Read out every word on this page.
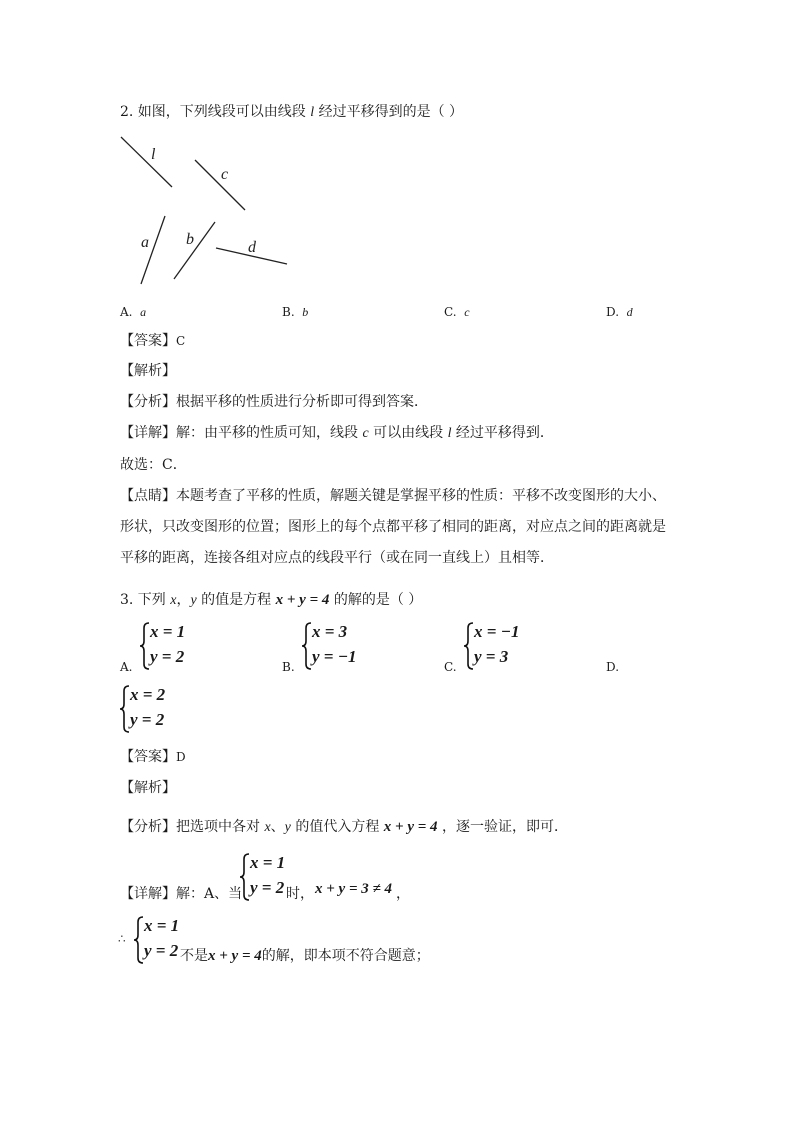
2. 如图，下列线段可以由线段 l 经过平移得到的是（ ）
l
c
a b	d
A. a	B. b	C. c	D. d
【答案】C
【解析】
【分析】根据平移的性质进行分析即可得到答案．
【详解】解：由平移的性质可知，线段 c 可以由线段 l 经过平移得到．
故选：C．
【点睛】本题考查了平移的性质，解题关键是掌握平移的性质：平移不改变图形的大小、
形状，只改变图形的位置；图形上的每个点都平移了相同的距离，对应点之间的距离就是
平移的距离，连接各组对应点的线段平行（或在同一直线上）且相等．
3. 下列 x，y 的值是方程 x + y = 4 的解的是（ ）
A.
x = 1
y = 2
B.
x = 3
y = −1
C.
x = −1
y = 3
D.
x = 2
y = 2
【答案】D
【解析】
【分析】把选项中各对 x、y 的值代入方程 x + y = 4 ，逐一验证，即可．
【详解】解：A、当
x = 1
y = 2 时， x + y = 3 ≠ 4 ，
∴
x = 1
y = 2 不是x + y = 4的解，即本项不符合题意；
